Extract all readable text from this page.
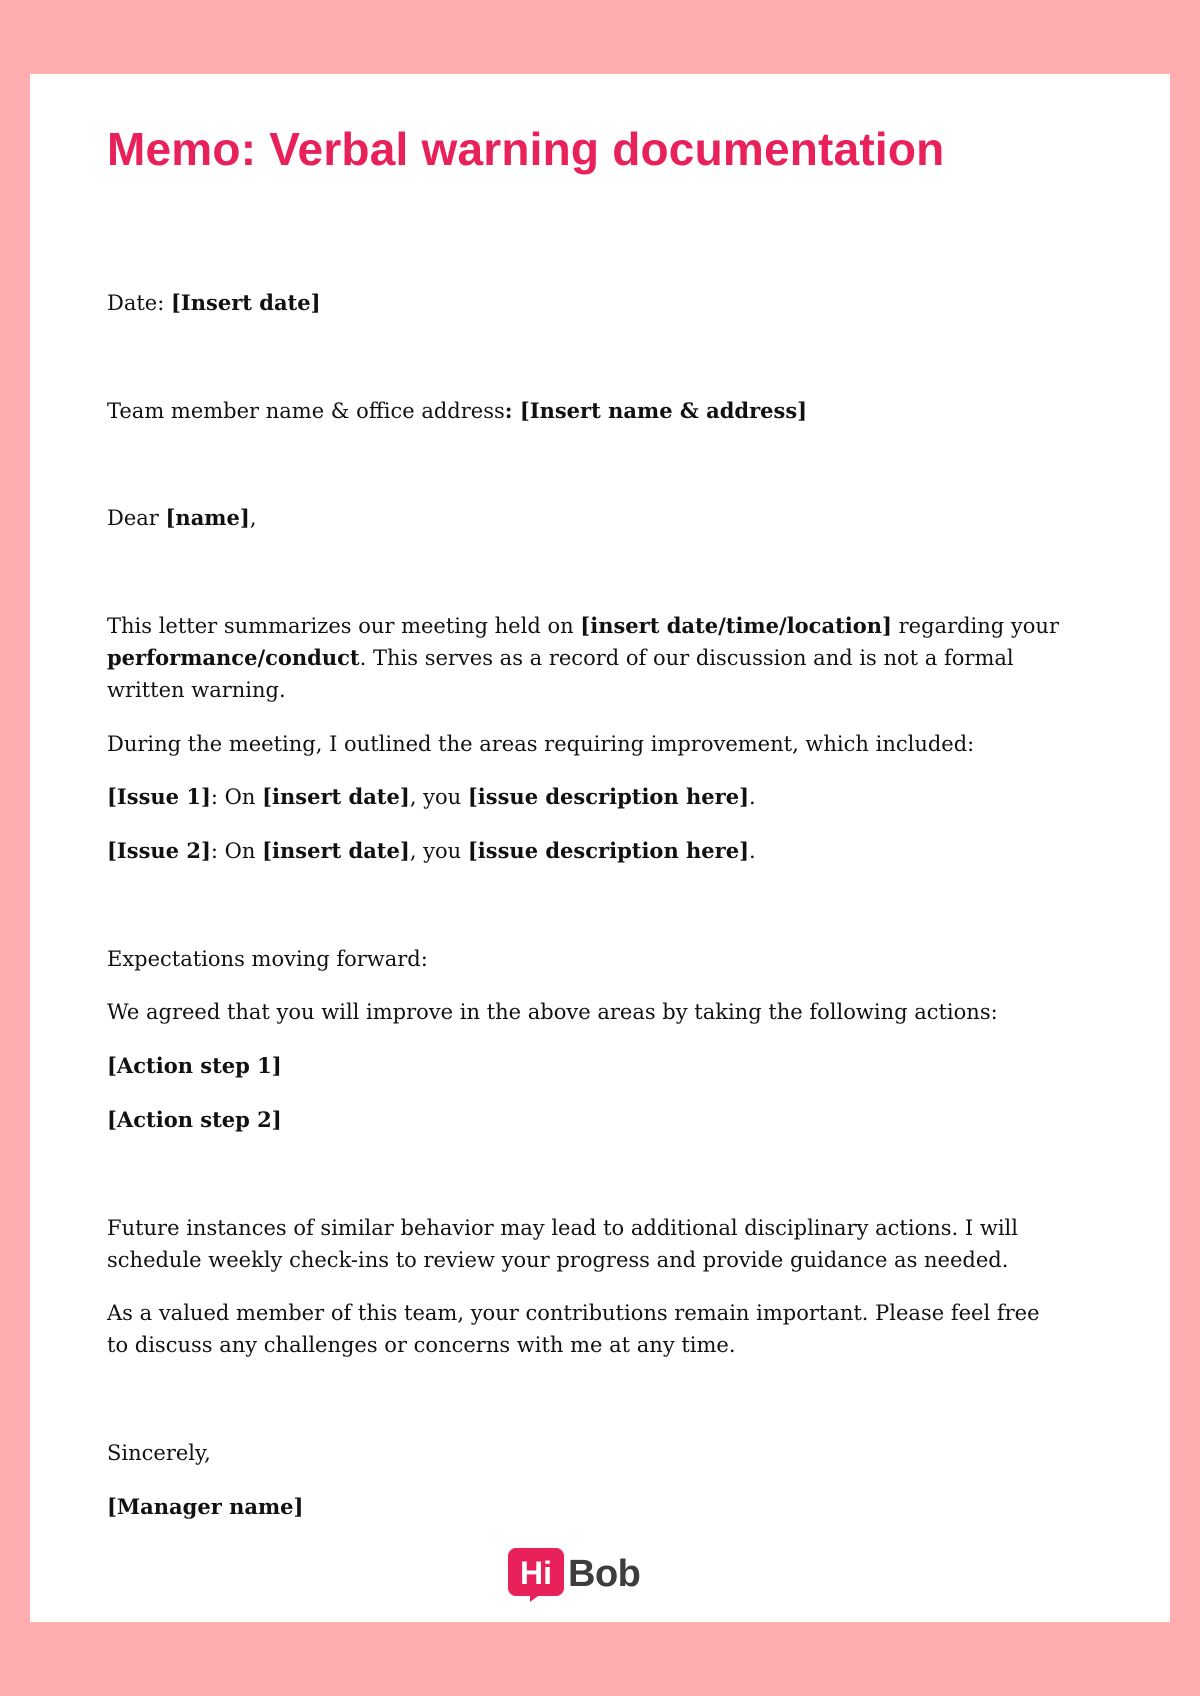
Memo: Verbal warning documentation

Date: [Insert date]

Team member name & office address: [Insert name & address]

Dear [name],

This letter summarizes our meeting held on [insert date/time/location] regarding your performance/conduct. This serves as a record of our discussion and is not a formal written warning.

During the meeting, I outlined the areas requiring improvement, which included:

[Issue 1]: On [insert date], you [issue description here].

[Issue 2]: On [insert date], you [issue description here].

Expectations moving forward:

We agreed that you will improve in the above areas by taking the following actions:

[Action step 1]

[Action step 2]

Future instances of similar behavior may lead to additional disciplinary actions. I will schedule weekly check-ins to review your progress and provide guidance as needed.

As a valued member of this team, your contributions remain important. Please feel free to discuss any challenges or concerns with me at any time.

Sincerely,

[Manager name]

Hi Bob
